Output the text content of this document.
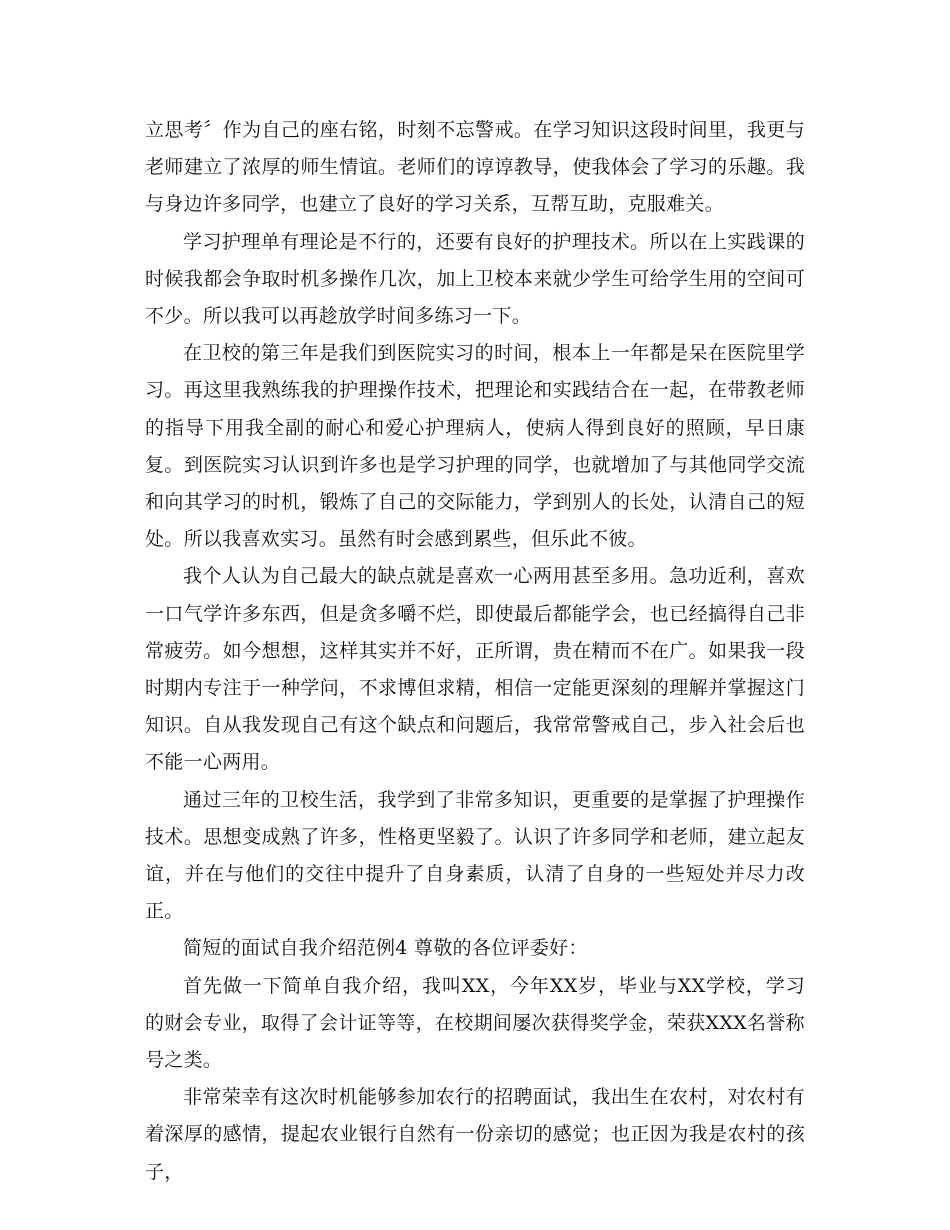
立思考〞作为自己的座右铭，时刻不忘警戒。在学习知识这段时间里，我更与老师建立了浓厚的师生情谊。老师们的谆谆教导，使我体会了学习的乐趣。我与身边许多同学，也建立了良好的学习关系，互帮互助，克服难关。

学习护理单有理论是不行的，还要有良好的护理技术。所以在上实践课的时候我都会争取时机多操作几次，加上卫校本来就少学生可给学生用的空间可不少。所以我可以再趁放学时间多练习一下。

在卫校的第三年是我们到医院实习的时间，根本上一年都是呆在医院里学习。再这里我熟练我的护理操作技术，把理论和实践结合在一起，在带教老师的指导下用我全副的耐心和爱心护理病人，使病人得到良好的照顾，早日康复。到医院实习认识到许多也是学习护理的同学，也就增加了与其他同学交流和向其学习的时机，锻炼了自己的交际能力，学到别人的长处，认清自己的短处。所以我喜欢实习。虽然有时会感到累些，但乐此不彼。

我个人认为自己最大的缺点就是喜欢一心两用甚至多用。急功近利，喜欢一口气学许多东西，但是贪多嚼不烂，即使最后都能学会，也已经搞得自己非常疲劳。如今想想，这样其实并不好，正所谓，贵在精而不在广。如果我一段时期内专注于一种学问，不求博但求精，相信一定能更深刻的理解并掌握这门知识。自从我发现自己有这个缺点和问题后，我常常警戒自己，步入社会后也不能一心两用。

通过三年的卫校生活，我学到了非常多知识，更重要的是掌握了护理操作技术。思想变成熟了许多，性格更坚毅了。认识了许多同学和老师，建立起友谊，并在与他们的交往中提升了自身素质，认清了自身的一些短处并尽力改正。

简短的面试自我介绍范例4 尊敬的各位评委好：

首先做一下简单自我介绍，我叫XX，今年XX岁，毕业与XX学校，学习的财会专业，取得了会计证等等，在校期间屡次获得奖学金，荣获XXX名誉称号之类。

非常荣幸有这次时机能够参加农行的招聘面试，我出生在农村，对农村有着深厚的感情，提起农业银行自然有一份亲切的感觉；也正因为我是农村的孩子，
